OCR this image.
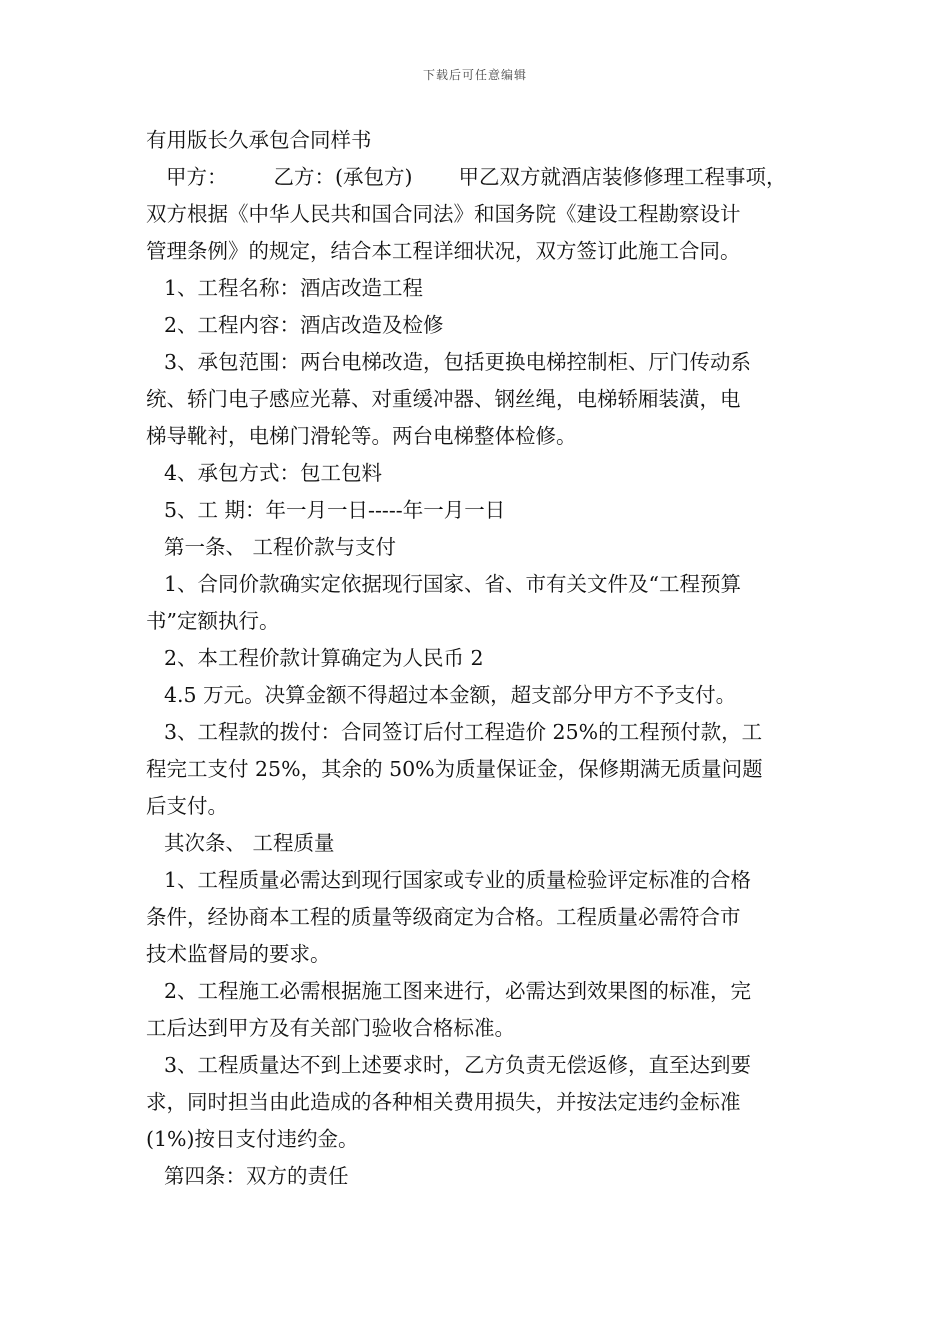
下载后可任意编辑
有用版长久承包合同样书
甲方： 乙方：(承包方) 甲乙双方就酒店装修修理工程事项，
双方根据《中华人民共和国合同法》和国务院《建设工程勘察设计
管理条例》的规定，结合本工程详细状况，双方签订此施工合同。
1、工程名称：酒店改造工程
2、工程内容：酒店改造及检修
3、承包范围：两台电梯改造，包括更换电梯控制柜、厅门传动系
统、轿门电子感应光幕、对重缓冲器、钢丝绳，电梯轿厢装潢，电
梯导靴衬，电梯门滑轮等。两台电梯整体检修。
4、承包方式：包工包料
5、工 期：年一月一日-----年一月一日
第一条、 工程价款与支付
1、合同价款确实定依据现行国家、省、市有关文件及“工程预算
书”定额执行。
2、本工程价款计算确定为人民币 2
4.5 万元。决算金额不得超过本金额，超支部分甲方不予支付。
3、工程款的拨付：合同签订后付工程造价 25%的工程预付款，工
程完工支付 25%，其余的 50%为质量保证金，保修期满无质量问题
后支付。
其次条、 工程质量
1、工程质量必需达到现行国家或专业的质量检验评定标准的合格
条件，经协商本工程的质量等级商定为合格。工程质量必需符合市
技术监督局的要求。
2、工程施工必需根据施工图来进行，必需达到效果图的标准，完
工后达到甲方及有关部门验收合格标准。
3、工程质量达不到上述要求时，乙方负责无偿返修，直至达到要
求，同时担当由此造成的各种相关费用损失，并按法定违约金标准
(1%)按日支付违约金。
第四条：双方的责任
